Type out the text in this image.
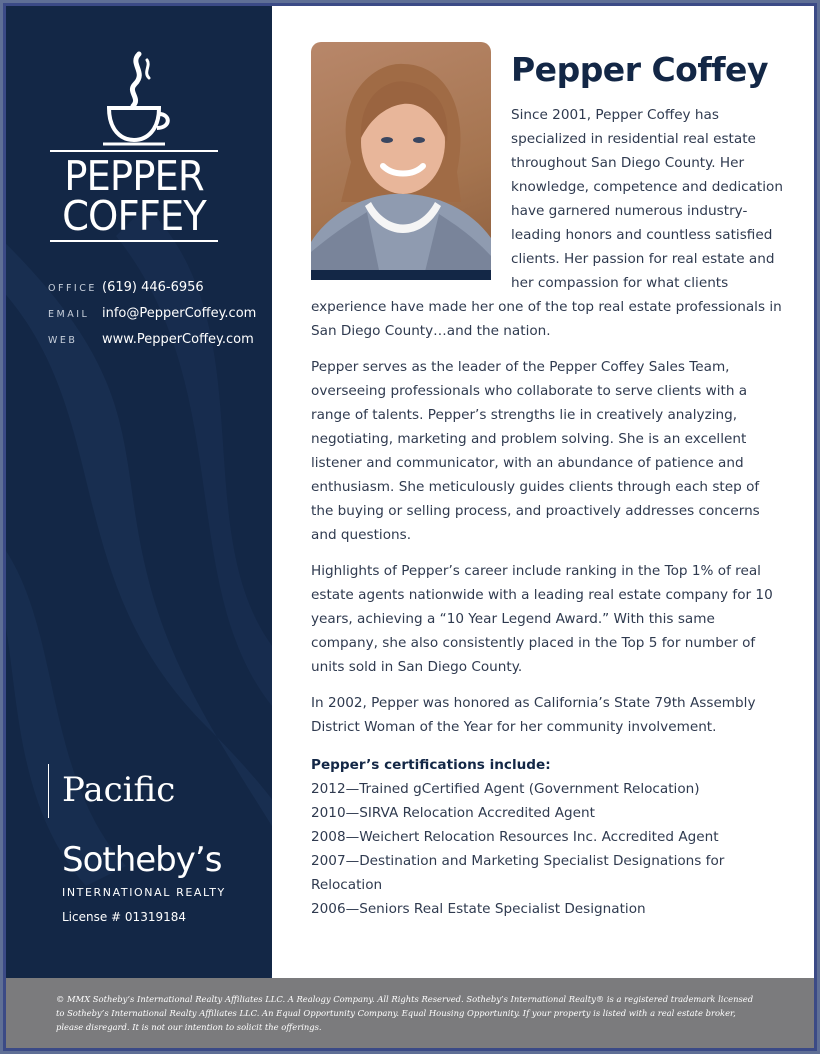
PEPPER
COFFEY
OFFICE (619) 446-6956
EMAIL info@PepperCoffey.com
WEB	www.PepperCoffey.com
Pacific
Sotheby’s
INTERNATIONAL REALTY
License # 01319184
Pepper Coffey

Since 2001, Pepper Coffey has specialized in residential real estate throughout San Diego County. Her knowledge, competence and dedication have garnered numerous industry-leading honors and countless satisfied clients. Her passion for real estate and her compassion for what clients experience have made her one of the top real estate professionals in San Diego County…and the nation.

Pepper serves as the leader of the Pepper Coffey Sales Team, overseeing professionals who collaborate to serve clients with a range of talents. Pepper’s strengths lie in creatively analyzing, negotiating, marketing and problem solving. She is an excellent listener and communicator, with an abundance of patience and enthusiasm. She meticulously guides clients through each step of the buying or selling process, and proactively addresses concerns and questions.

Highlights of Pepper’s career include ranking in the Top 1% of real estate agents nationwide with a leading real estate company for 10 years, achieving a “10 Year Legend Award.” With this same company, she also consistently placed in the Top 5 for number of units sold in San Diego County.

In 2002, Pepper was honored as California’s State 79th Assembly District Woman of the Year for her community involvement.

Pepper’s certifications include:
2012—Trained gCertified Agent (Government Relocation)
2010—SIRVA Relocation Accredited Agent
2008—Weichert Relocation Resources Inc. Accredited Agent
2007—Destination and Marketing Specialist Designations for Relocation
2006—Seniors Real Estate Specialist Designation

© MMX Sotheby’s International Realty Affiliates LLC. A Realogy Company. All Rights Reserved. Sotheby’s International Realty® is a registered trademark licensed to Sotheby’s International Realty Affiliates LLC. An Equal Opportunity Company. Equal Housing Opportunity. If your property is listed with a real estate broker, please disregard. It is not our intention to solicit the offerings.
